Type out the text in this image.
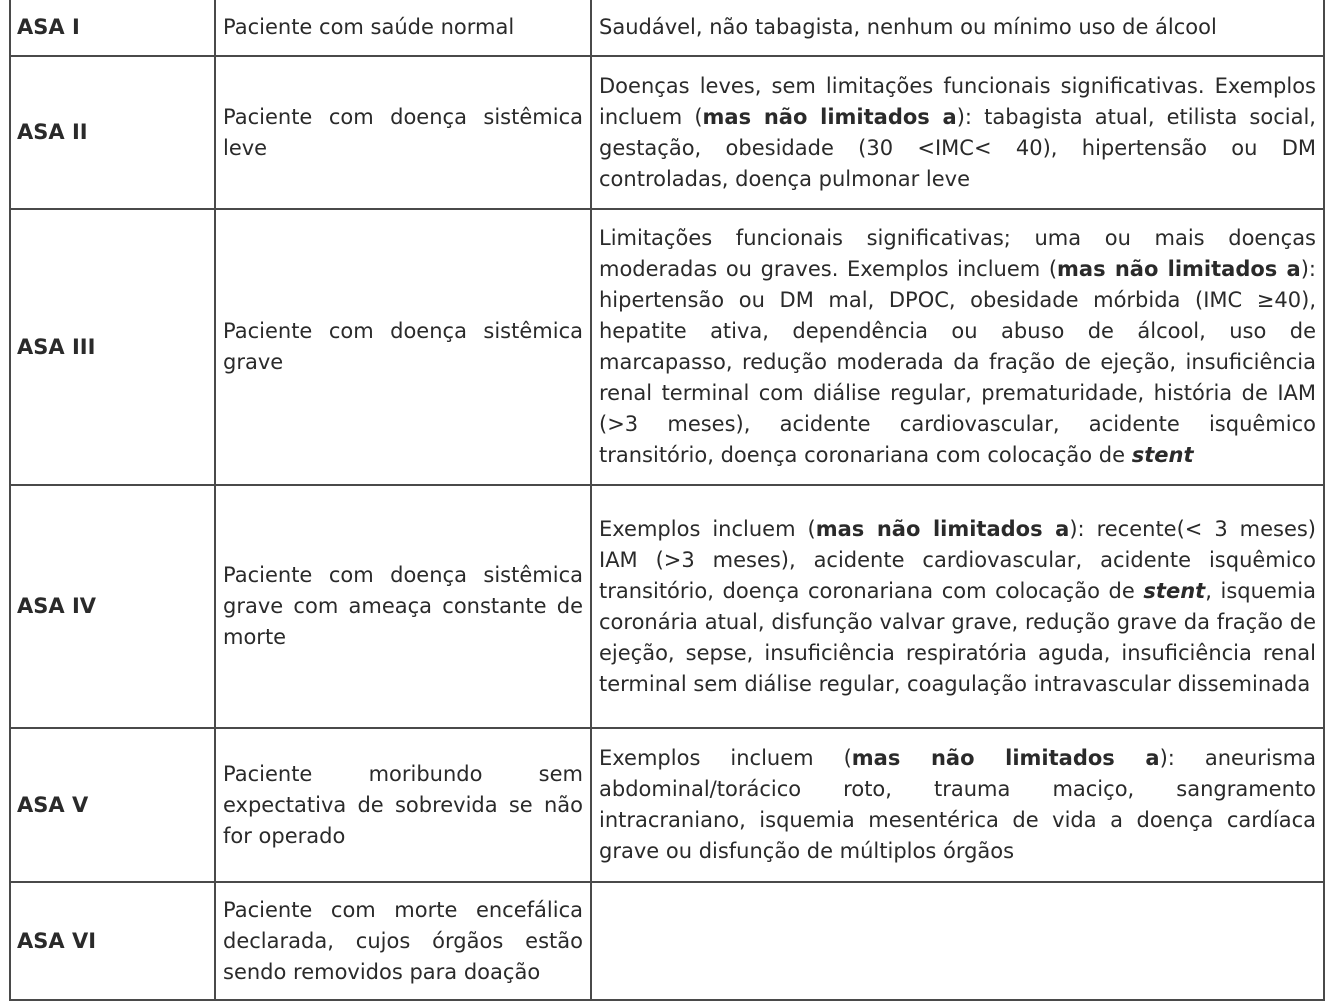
ASA I	Paciente com saúde normal	Saudável, não tabagista, nenhum ou mínimo uso de álcool
ASA II	Paciente com doença sistêmica leve	Doenças leves, sem limitações funcionais significativas. Exemplos incluem (mas não limitados a): tabagista atual, etilista social, gestação, obesidade (30 <IMC< 40), hipertensão ou DM controladas, doença pulmonar leve
ASA III	Paciente com doença sistêmica grave	Limitações funcionais significativas; uma ou mais doenças moderadas ou graves. Exemplos incluem (mas não limitados a): hipertensão ou DM mal, DPOC, obesidade mórbida (IMC ≥40), hepatite ativa, dependência ou abuso de álcool, uso de marcapasso, redução moderada da fração de ejeção, insuficiência renal terminal com diálise regular, prematuridade, história de IAM (>3 meses), acidente cardiovascular, acidente isquêmico transitório, doença coronariana com colocação de stent
ASA IV	Paciente com doença sistêmica grave com ameaça constante de morte	Exemplos incluem (mas não limitados a): recente(< 3 meses) IAM (>3 meses), acidente cardiovascular, acidente isquêmico transitório, doença coronariana com colocação de stent, isquemia coronária atual, disfunção valvar grave, redução grave da fração de ejeção, sepse, insuficiência respiratória aguda, insuficiência renal terminal sem diálise regular, coagulação intravascular disseminada
ASA V	Paciente moribundo sem expectativa de sobrevida se não for operado	Exemplos incluem (mas não limitados a): aneurisma abdominal/torácico roto, trauma maciço, sangramento intracraniano, isquemia mesentérica de vida a doença cardíaca grave ou disfunção de múltiplos órgãos
ASA VI	Paciente com morte encefálica declarada, cujos órgãos estão sendo removidos para doação	
